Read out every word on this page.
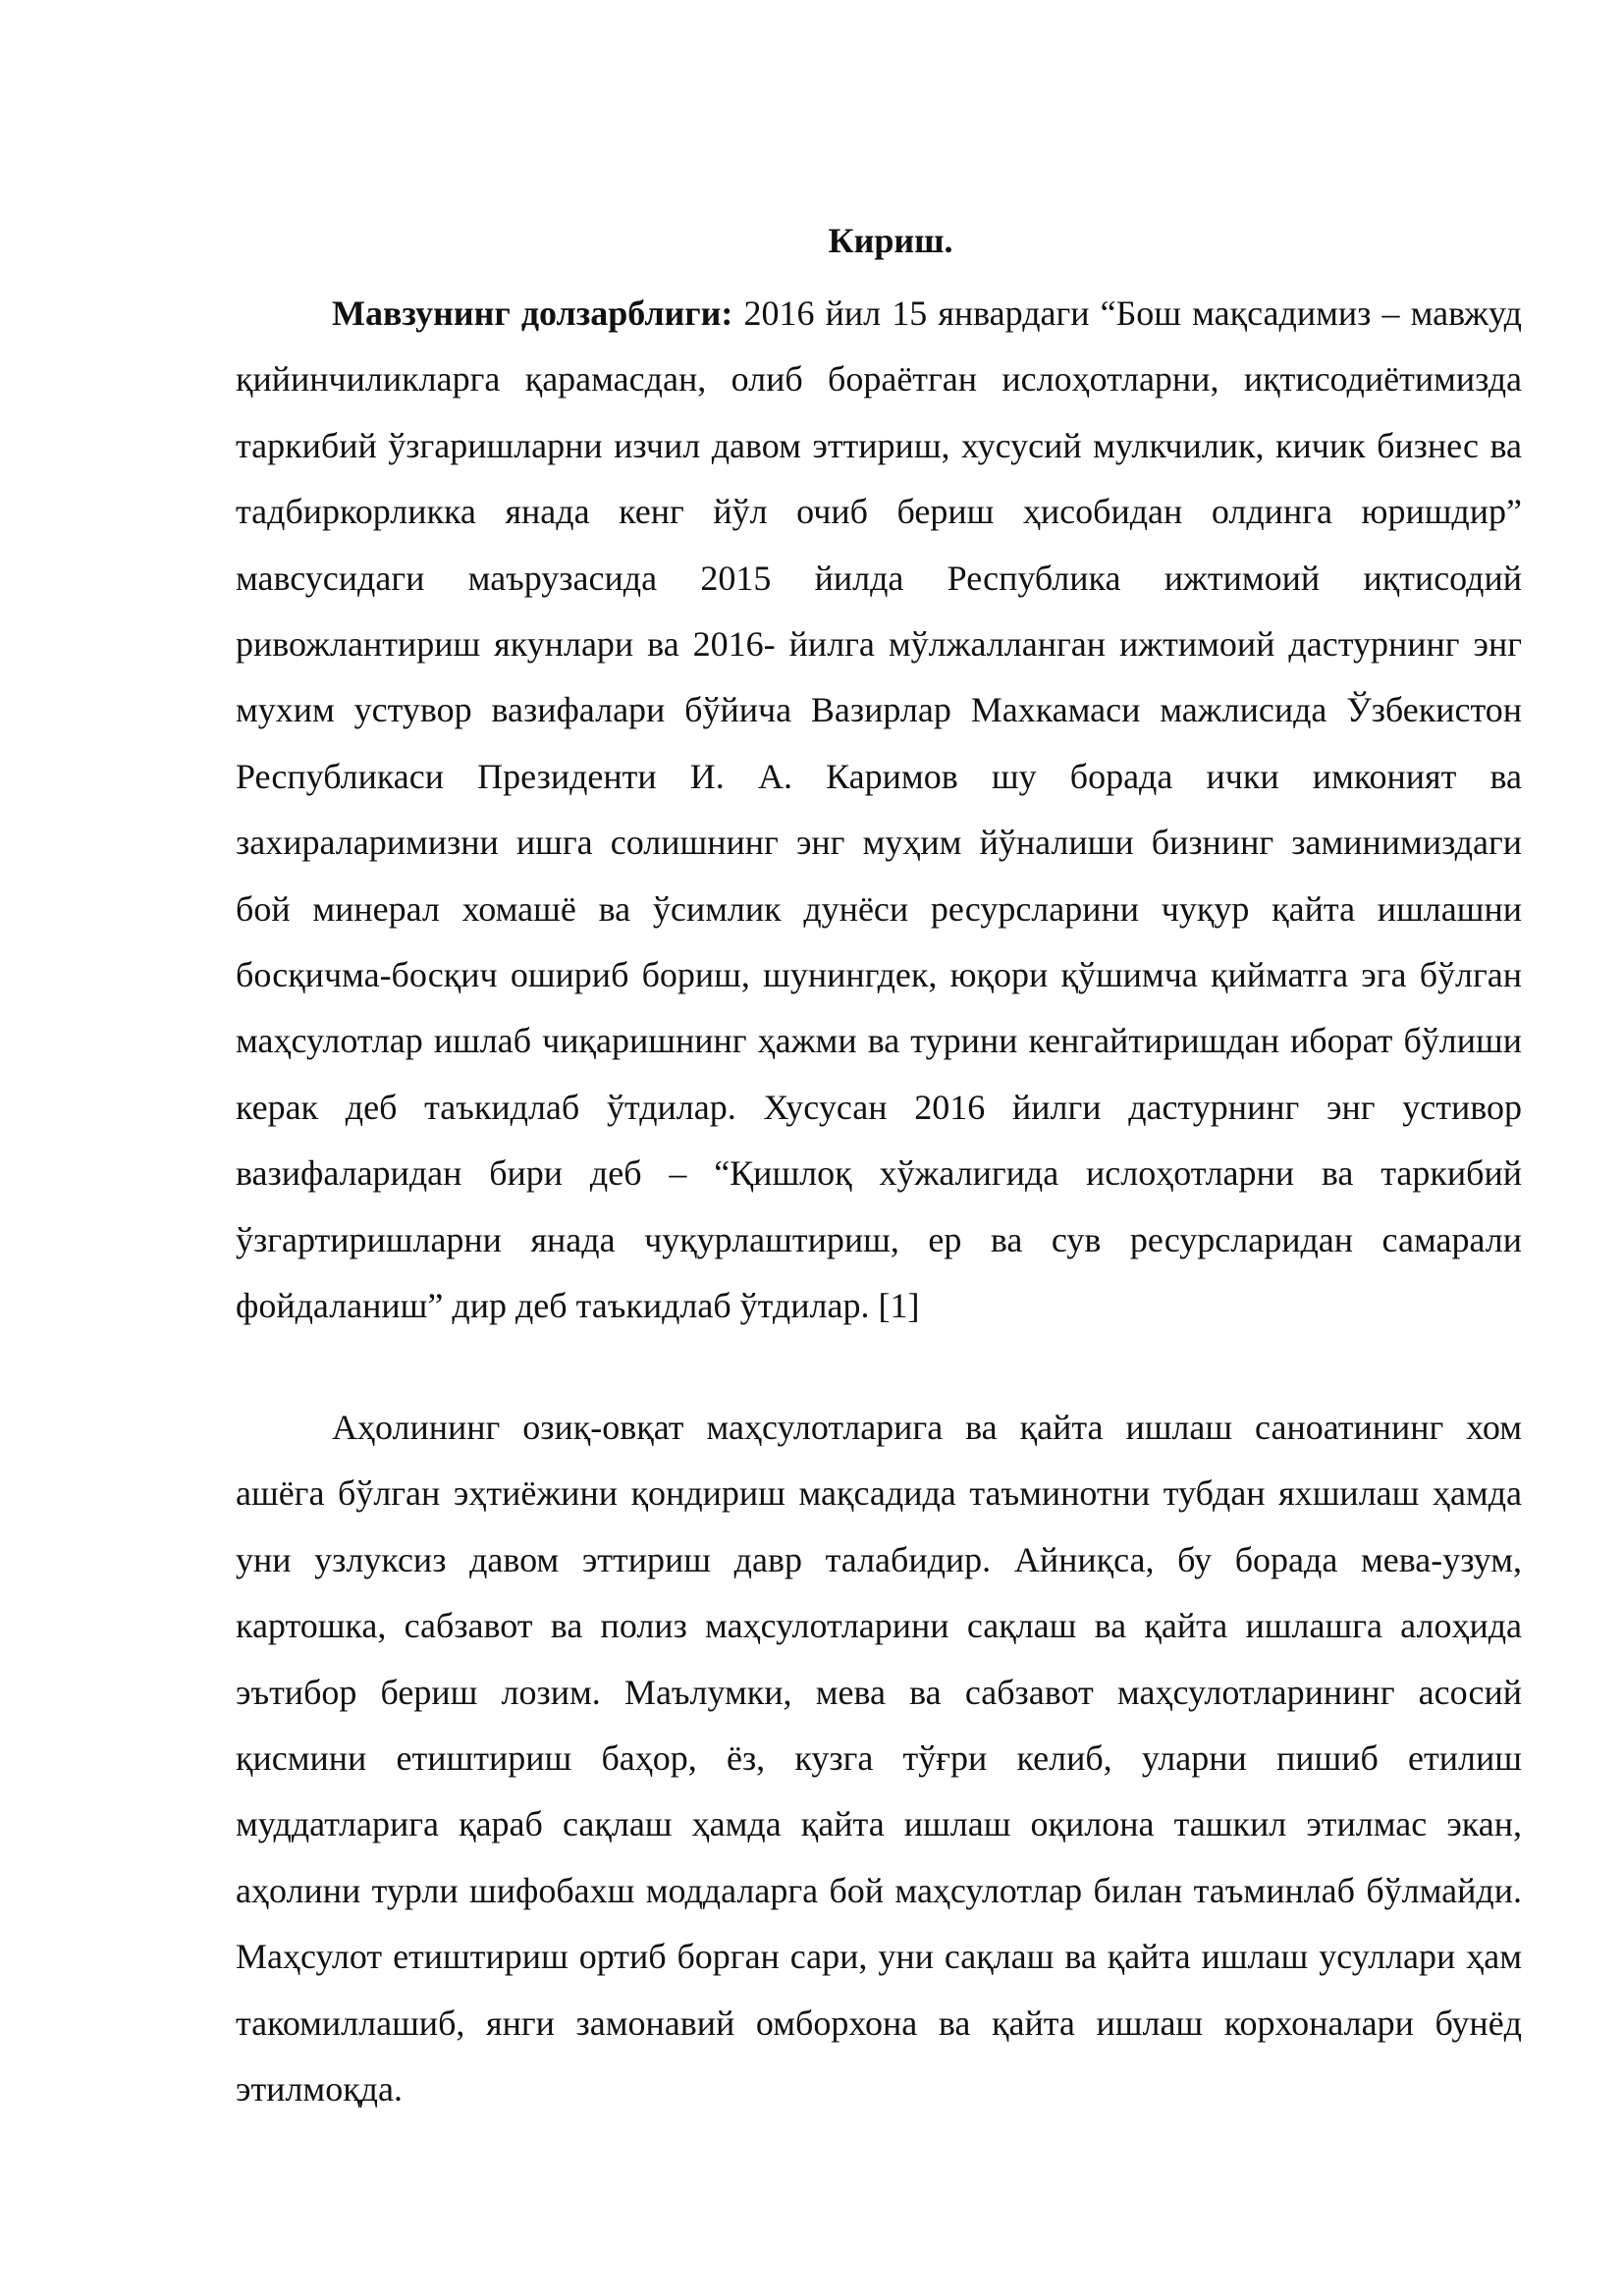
Кириш.

Мавзунинг долзарблиги: 2016 йил 15 январдаги “Бош мақсадимиз – мавжуд қийинчиликларга қарамасдан, олиб бораётган ислоҳотларни, иқтисодиётимизда таркибий ўзгаришларни изчил давом эттириш, хусусий мулкчилик, кичик бизнес ва тадбиркорликка янада кенг йўл очиб бериш ҳисобидан олдинга юришдир” мавсусидаги маърузасида 2015 йилда Республика ижтимоий иқтисодий ривожлантириш якунлари ва 2016- йилга мўлжалланган ижтимоий дастурнинг энг мухим устувор вазифалари бўйича Вазирлар Махкамаси мажлисида Ўзбекистон Республикаси Президенти И. А. Каримов шу борада ички имконият ва захираларимизни ишга солишнинг энг муҳим йўналиши бизнинг заминимиздаги бой минерал хомашё ва ўсимлик дунёси ресурсларини чуқур қайта ишлашни босқичма-босқич ошириб бориш, шунингдек, юқори қўшимча қийматга эга бўлган маҳсулотлар ишлаб чиқаришнинг ҳажми ва турини кенгайтиришдан иборат бўлиши керак деб таъкидлаб ўтдилар. Хусусан 2016 йилги дастурнинг энг устивор вазифаларидан бири деб – “Қишлоқ хўжалигида ислоҳотларни ва таркибий ўзгартиришларни янада чуқурлаштириш, ер ва сув ресурсларидан самарали фойдаланиш” дир деб таъкидлаб ўтдилар. [1]

Аҳолининг озиқ-овқат маҳсулотларига ва қайта ишлаш саноатининг хом ашёга бўлган эҳтиёжини қондириш мақсадида таъминотни тубдан яхшилаш ҳамда уни узлуксиз давом эттириш давр талабидир. Айниқса, бу борада мева-узум, картошка, сабзавот ва полиз маҳсулотларини сақлаш ва қайта ишлашга алоҳида эътибор бериш лозим. Маълумки, мева ва сабзавот маҳсулотларининг асосий қисмини етиштириш баҳор, ёз, кузга тўғри келиб, уларни пишиб етилиш муддатларига қараб сақлаш ҳамда қайта ишлаш оқилона ташкил этилмас экан, аҳолини турли шифобахш моддаларга бой маҳсулотлар билан таъминлаб бўлмайди. Маҳсулот етиштириш ортиб борган сари, уни сақлаш ва қайта ишлаш усуллари ҳам такомиллашиб, янги замонавий омборхона ва қайта ишлаш корхоналари бунёд этилмоқда.
